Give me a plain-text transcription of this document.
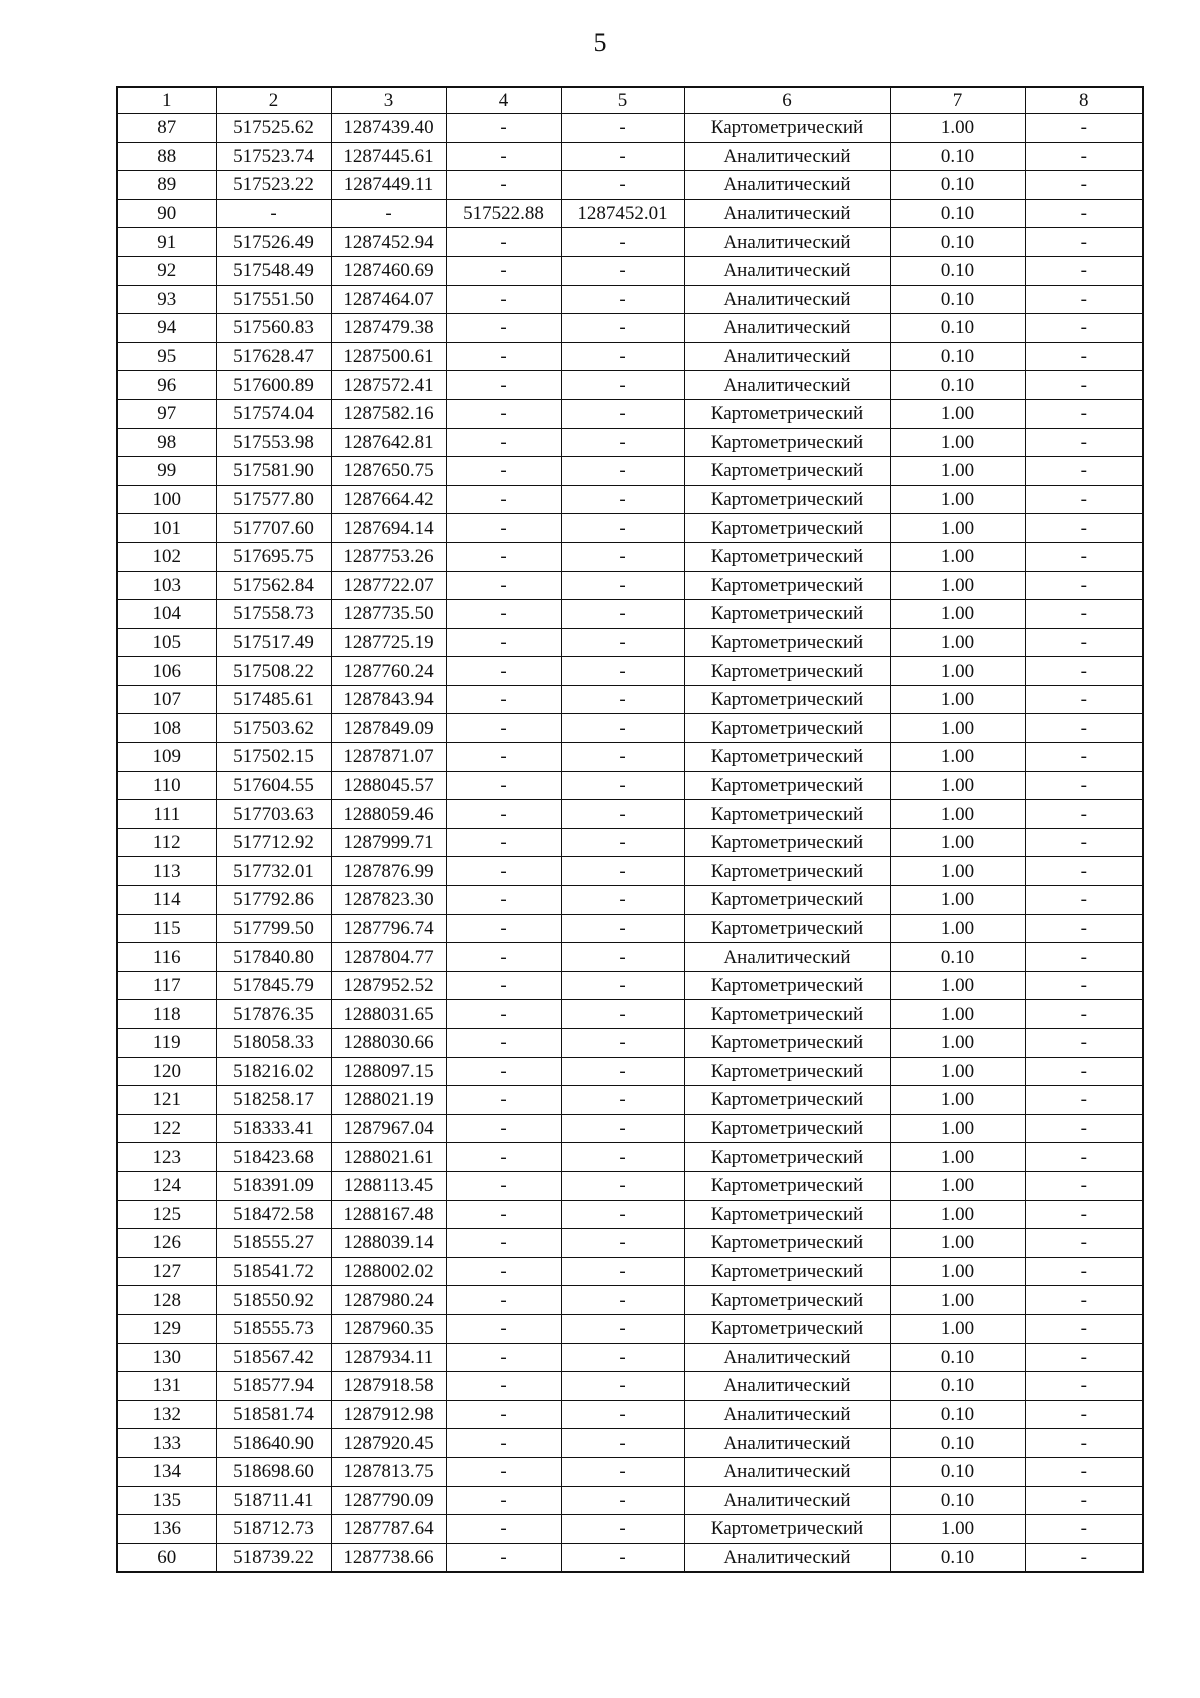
5
1	2	3	4	5	6	7	8
87	517525.62	1287439.40	-	-	Картометрический	1.00	-
88	517523.74	1287445.61	-	-	Аналитический	0.10	-
89	517523.22	1287449.11	-	-	Аналитический	0.10	-
90	-	-	517522.88	1287452.01	Аналитический	0.10	-
91	517526.49	1287452.94	-	-	Аналитический	0.10	-
92	517548.49	1287460.69	-	-	Аналитический	0.10	-
93	517551.50	1287464.07	-	-	Аналитический	0.10	-
94	517560.83	1287479.38	-	-	Аналитический	0.10	-
95	517628.47	1287500.61	-	-	Аналитический	0.10	-
96	517600.89	1287572.41	-	-	Аналитический	0.10	-
97	517574.04	1287582.16	-	-	Картометрический	1.00	-
98	517553.98	1287642.81	-	-	Картометрический	1.00	-
99	517581.90	1287650.75	-	-	Картометрический	1.00	-
100	517577.80	1287664.42	-	-	Картометрический	1.00	-
101	517707.60	1287694.14	-	-	Картометрический	1.00	-
102	517695.75	1287753.26	-	-	Картометрический	1.00	-
103	517562.84	1287722.07	-	-	Картометрический	1.00	-
104	517558.73	1287735.50	-	-	Картометрический	1.00	-
105	517517.49	1287725.19	-	-	Картометрический	1.00	-
106	517508.22	1287760.24	-	-	Картометрический	1.00	-
107	517485.61	1287843.94	-	-	Картометрический	1.00	-
108	517503.62	1287849.09	-	-	Картометрический	1.00	-
109	517502.15	1287871.07	-	-	Картометрический	1.00	-
110	517604.55	1288045.57	-	-	Картометрический	1.00	-
111	517703.63	1288059.46	-	-	Картометрический	1.00	-
112	517712.92	1287999.71	-	-	Картометрический	1.00	-
113	517732.01	1287876.99	-	-	Картометрический	1.00	-
114	517792.86	1287823.30	-	-	Картометрический	1.00	-
115	517799.50	1287796.74	-	-	Картометрический	1.00	-
116	517840.80	1287804.77	-	-	Аналитический	0.10	-
117	517845.79	1287952.52	-	-	Картометрический	1.00	-
118	517876.35	1288031.65	-	-	Картометрический	1.00	-
119	518058.33	1288030.66	-	-	Картометрический	1.00	-
120	518216.02	1288097.15	-	-	Картометрический	1.00	-
121	518258.17	1288021.19	-	-	Картометрический	1.00	-
122	518333.41	1287967.04	-	-	Картометрический	1.00	-
123	518423.68	1288021.61	-	-	Картометрический	1.00	-
124	518391.09	1288113.45	-	-	Картометрический	1.00	-
125	518472.58	1288167.48	-	-	Картометрический	1.00	-
126	518555.27	1288039.14	-	-	Картометрический	1.00	-
127	518541.72	1288002.02	-	-	Картометрический	1.00	-
128	518550.92	1287980.24	-	-	Картометрический	1.00	-
129	518555.73	1287960.35	-	-	Картометрический	1.00	-
130	518567.42	1287934.11	-	-	Аналитический	0.10	-
131	518577.94	1287918.58	-	-	Аналитический	0.10	-
132	518581.74	1287912.98	-	-	Аналитический	0.10	-
133	518640.90	1287920.45	-	-	Аналитический	0.10	-
134	518698.60	1287813.75	-	-	Аналитический	0.10	-
135	518711.41	1287790.09	-	-	Аналитический	0.10	-
136	518712.73	1287787.64	-	-	Картометрический	1.00	-
60	518739.22	1287738.66	-	-	Аналитический	0.10	-
